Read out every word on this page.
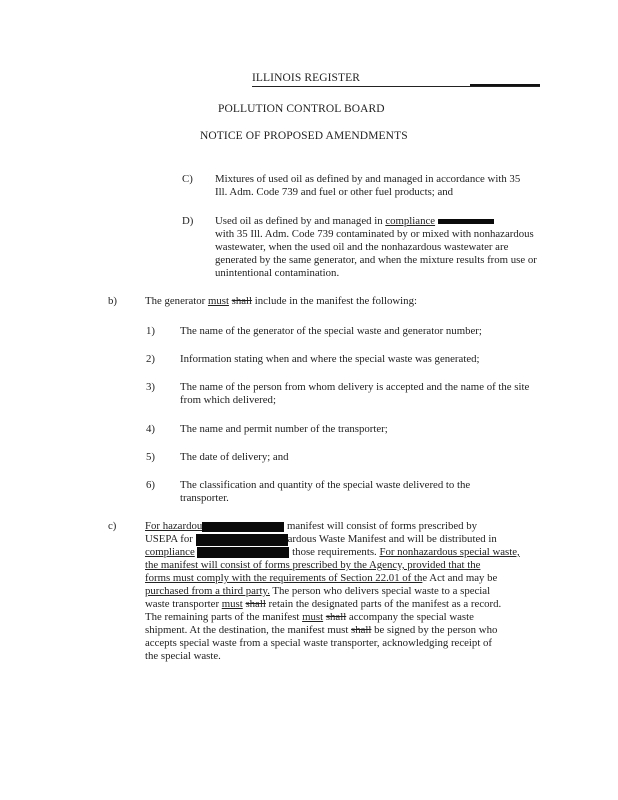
ILLINOIS REGISTER
POLLUTION CONTROL BOARD
NOTICE OF PROPOSED AMENDMENTS
C) Mixtures of used oil as defined by and managed in accordance with 35 Ill. Adm. Code 739 and fuel or other fuel products; and
D) Used oil as defined by and managed in compliance
with 35 Ill. Adm. Code 739 contaminated by or mixed with nonhazardous wastewater, when the used oil and the nonhazardous wastewater are generated by the same generator, and when the mixture results from use or unintentional contamination.
b)	The generator must shall include in the manifest the following:
1) The name of the generator of the special waste and generator number;
2) Information stating when and where the special waste was generated;
3) The name of the person from whom delivery is accepted and the name of the site from which delivered;
4) The name and permit number of the transporter;
5) The date of delivery; and
6) The classification and quantity of the special waste delivered to the transporter.
c)	For hazardou	manifest will consist of forms prescribed by
USEPA for	ardous Waste Manifest and will be distributed in
compliance	those requirements. For nonhazardous special waste,
the manifest will consist of forms prescribed by the Agency, provided that the
forms must comply with the requirements of Section 22.01 of the Act and may be
purchased from a third party. The person who delivers special waste to a special
waste transporter must shall retain the designated parts of the manifest as a record.
The remaining parts of the manifest must shall accompany the special waste
shipment. At the destination, the manifest must shall be signed by the person who
accepts special waste from a special waste transporter, acknowledging receipt of
the special waste.
